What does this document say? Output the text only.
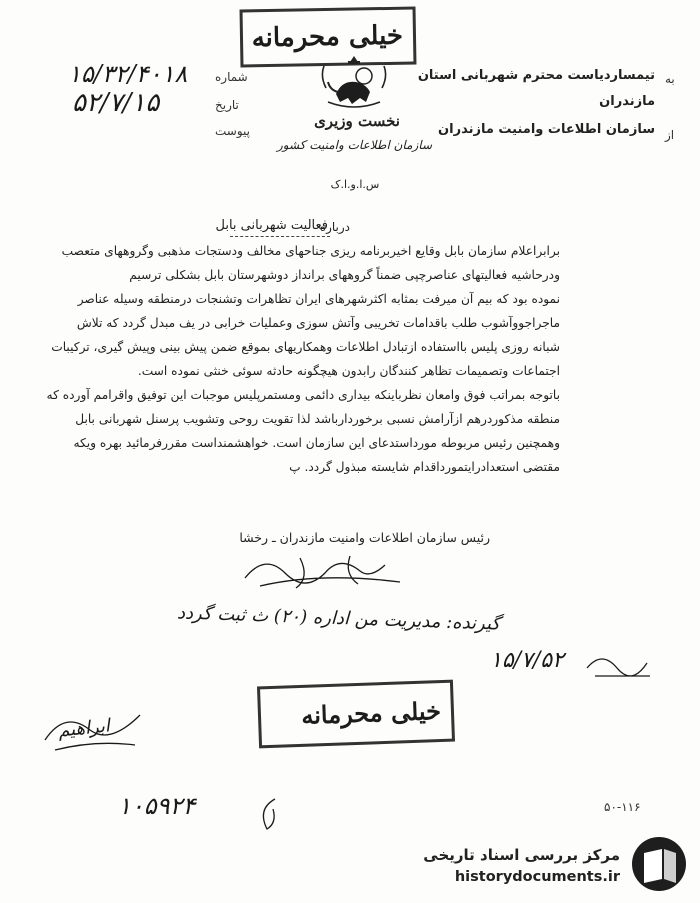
خیلی محرمانه
۱۵/۳۲/۴۰۱۸ شماره
۵۲/۷/۱۵	تاریخ
پیوست
نخست وزیری
سازمان اطلاعات وامنیت کشور
س.ا.و.ا.ک
به
از
تیمساردیاست محترم شهربانی استان
مازندران
سازمان اطلاعات وامنیت مازندران
درباره
فعالیت شهربانی بابل
برابراعلام سازمان بابل وقایع اخیربرنامه ریزی جناحهای مخالف ودستجات مذهبی وگروههای متعصب
ودرحاشیه فعالیتهای عناصرچپی ضمناً گروههای برانداز دوشهرستان بابل بشکلی ترسیم
نموده بود که بیم آن میرفت بمثابه اکثرشهرهای ایران تظاهرات وتشنجات درمنطقه وسیله عناصر
ماجراجووآشوب طلب باقدامات تخریبی وآتش سوزی وعملیات خرابی در یف مبدل گردد که تلاش
شبانه روزی پلیس بااستفاده ازتبادل اطلاعات وهمکاریهای بموقع ضمن پیش بینی وپیش گیری، ترکیبات
اجتماعات وتصمیمات تظاهر کنندگان رابدون هیچگونه حادثه سوئی خنثی نموده است.
باتوجه بمراتب فوق وامعان نظرباینکه بیداری دائمی ومستمرپلیس موجبات این توفیق واقرامم آورده که
منطقه مذکوردرهم ازآرامش نسبی برخوردارباشد لذا تقویت روحی وتشویب پرسنل شهربانی بابل
وهمچنین رئیس مربوطه مورداستدعای این سازمان است. خواهشمنداست مقررفرمائید بهره ویکه
مقتضی استعدادرایتمورداقدام شایسته مبذول گردد. پ
رئیس سازمان اطلاعات وامنیت مازندران ـ رخشا
گیرنده: مدیریت من اداره (۲۰) ث ثبت گردد
۱۵/۷/۵۲
خیلی محرمانه
ابراهیم
۱۰۵۹۲۴	۵۰-۱۱۶
مرکز بررسی اسناد تاریخی
historydocuments.ir
